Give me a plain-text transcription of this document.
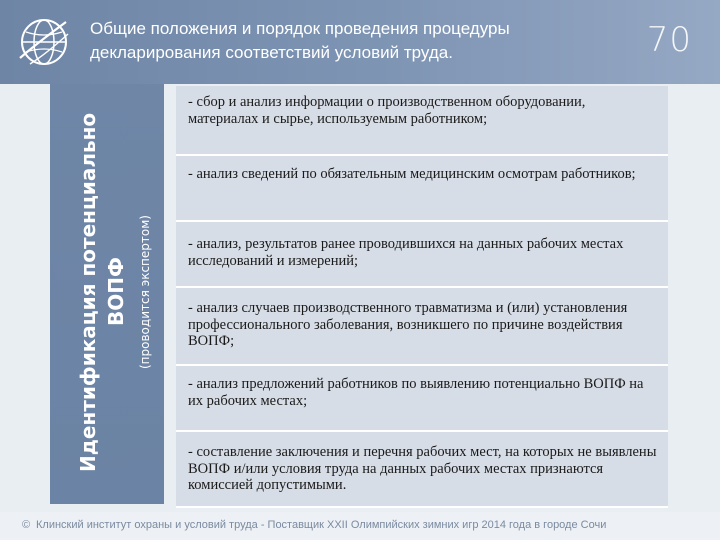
Общие положения и порядок проведения процедуры
декларирования соответствий условий труда.	70
Идентификация потенциально ВОПФ (проводится экспертом)
- сбор и анализ информации о производственном оборудовании, материалах и сырье, используемым работником;
- анализ сведений по обязательным медицинским осмотрам работников;
- анализ, результатов ранее проводившихся на данных рабочих местах исследований и измерений;
- анализ случаев производственного травматизма и (или) установления профессионального заболевания, возникшего по причине воздействия ВОПФ;
- анализ предложений работников по выявлению потенциально ВОПФ на их рабочих местах;
- составление заключения и перечня рабочих мест, на которых не выявлены ВОПФ и/или условия труда на данных рабочих местах признаются комиссией допустимыми.
© Клинский институт охраны и условий труда - Поставщик XXII Олимпийских зимних игр 2014 года в городе Сочи
